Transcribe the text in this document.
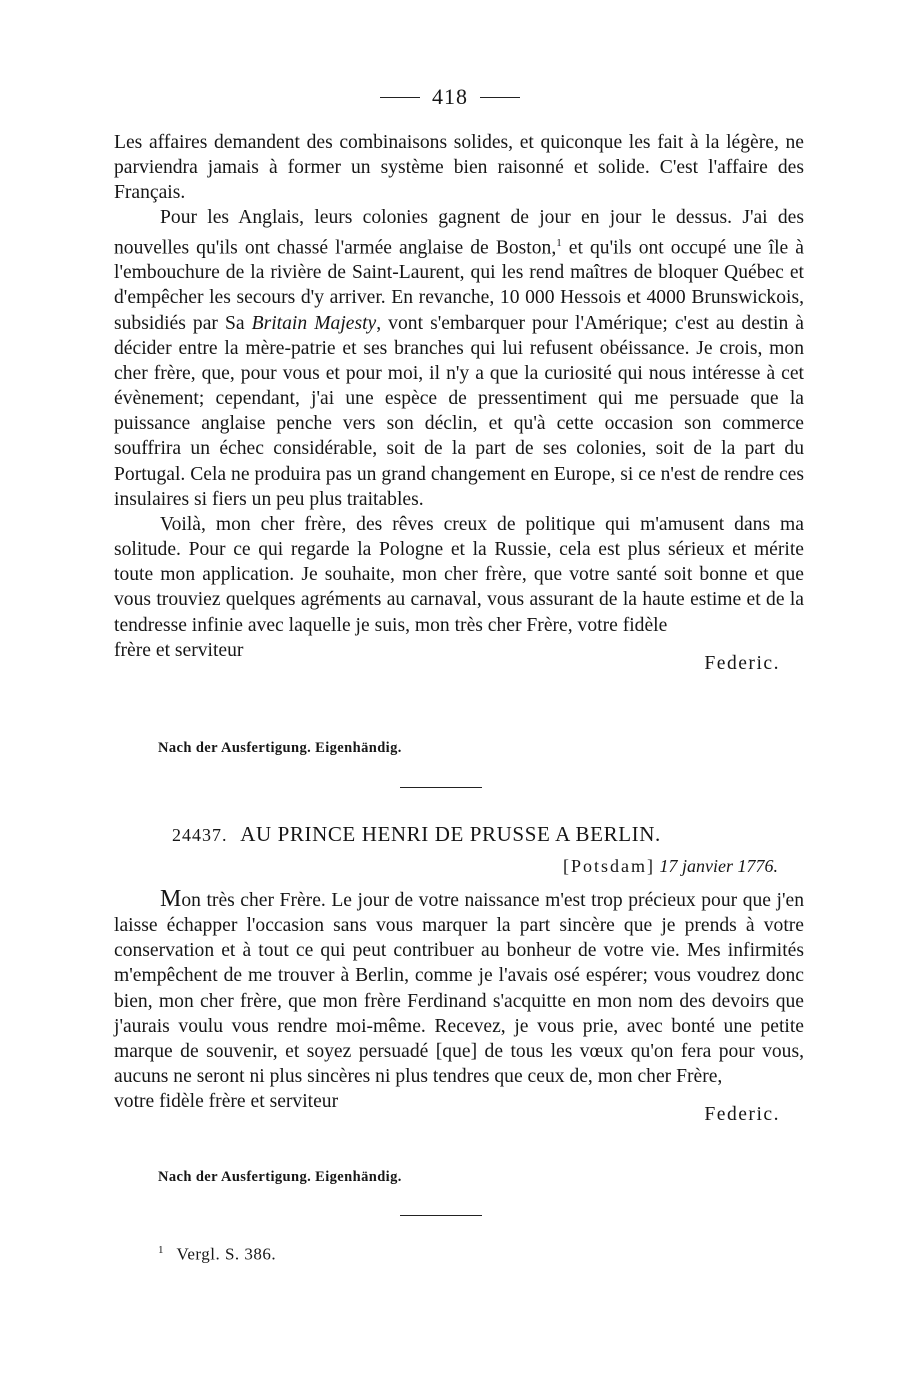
418

Les affaires demandent des combinaisons solides, et quiconque les fait à la légère, ne parviendra jamais à former un système bien raisonné et solide. C'est l'affaire des Français.

Pour les Anglais, leurs colonies gagnent de jour en jour le dessus. J'ai des nouvelles qu'ils ont chassé l'armée anglaise de Boston,$^1$ et qu'ils ont occupé une île à l'embouchure de la rivière de Saint-Laurent, qui les rend maîtres de bloquer Québec et d'empêcher les secours d'y arriver. En revanche, 10 000 Hessois et 4000 Brunswickois, subsidiés par Sa Britain Majesty, vont s'embarquer pour l'Amérique; c'est au destin à décider entre la mère-patrie et ses branches qui lui refusent obéissance. Je crois, mon cher frère, que, pour vous et pour moi, il n'y a que la curiosité qui nous intéresse à cet évènement; cependant, j'ai une espèce de pressentiment qui me persuade que la puissance anglaise penche vers son déclin, et qu'à cette occasion son commerce souffrira un échec considérable, soit de la part de ses colonies, soit de la part du Portugal. Cela ne produira pas un grand changement en Europe, si ce n'est de rendre ces insulaires si fiers un peu plus traitables.

Voilà, mon cher frère, des rêves creux de politique qui m'amusent dans ma solitude. Pour ce qui regarde la Pologne et la Russie, cela est plus sérieux et mérite toute mon application. Je souhaite, mon cher frère, que votre santé soit bonne et que vous trouviez quelques agréments au carnaval, vous assurant de la haute estime et de la tendresse infinie avec laquelle je suis, mon très cher Frère, votre fidèle

frère et serviteur
Federic.
Nach der Ausfertigung. Eigenhändig.
24437. AU PRINCE HENRI DE PRUSSE A BERLIN.
[Potsdam] 17 janvier 1776.

Mon très cher Frère. Le jour de votre naissance m'est trop précieux pour que j'en laisse échapper l'occasion sans vous marquer la part sincère que je prends à votre conservation et à tout ce qui peut contribuer au bonheur de votre vie. Mes infirmités m'empêchent de me trouver à Berlin, comme je l'avais osé espérer; vous voudrez donc bien, mon cher frère, que mon frère Ferdinand s'acquitte en mon nom des devoirs que j'aurais voulu vous rendre moi-même. Recevez, je vous prie, avec bonté une petite marque de souvenir, et soyez persuadé [que] de tous les vœux qu'on fera pour vous, aucuns ne seront ni plus sincères ni plus tendres que ceux de, mon cher Frère,

votre fidèle frère et serviteur
Federic.
Nach der Ausfertigung. Eigenhändig.
$^1$ Vergl. S. 386.
